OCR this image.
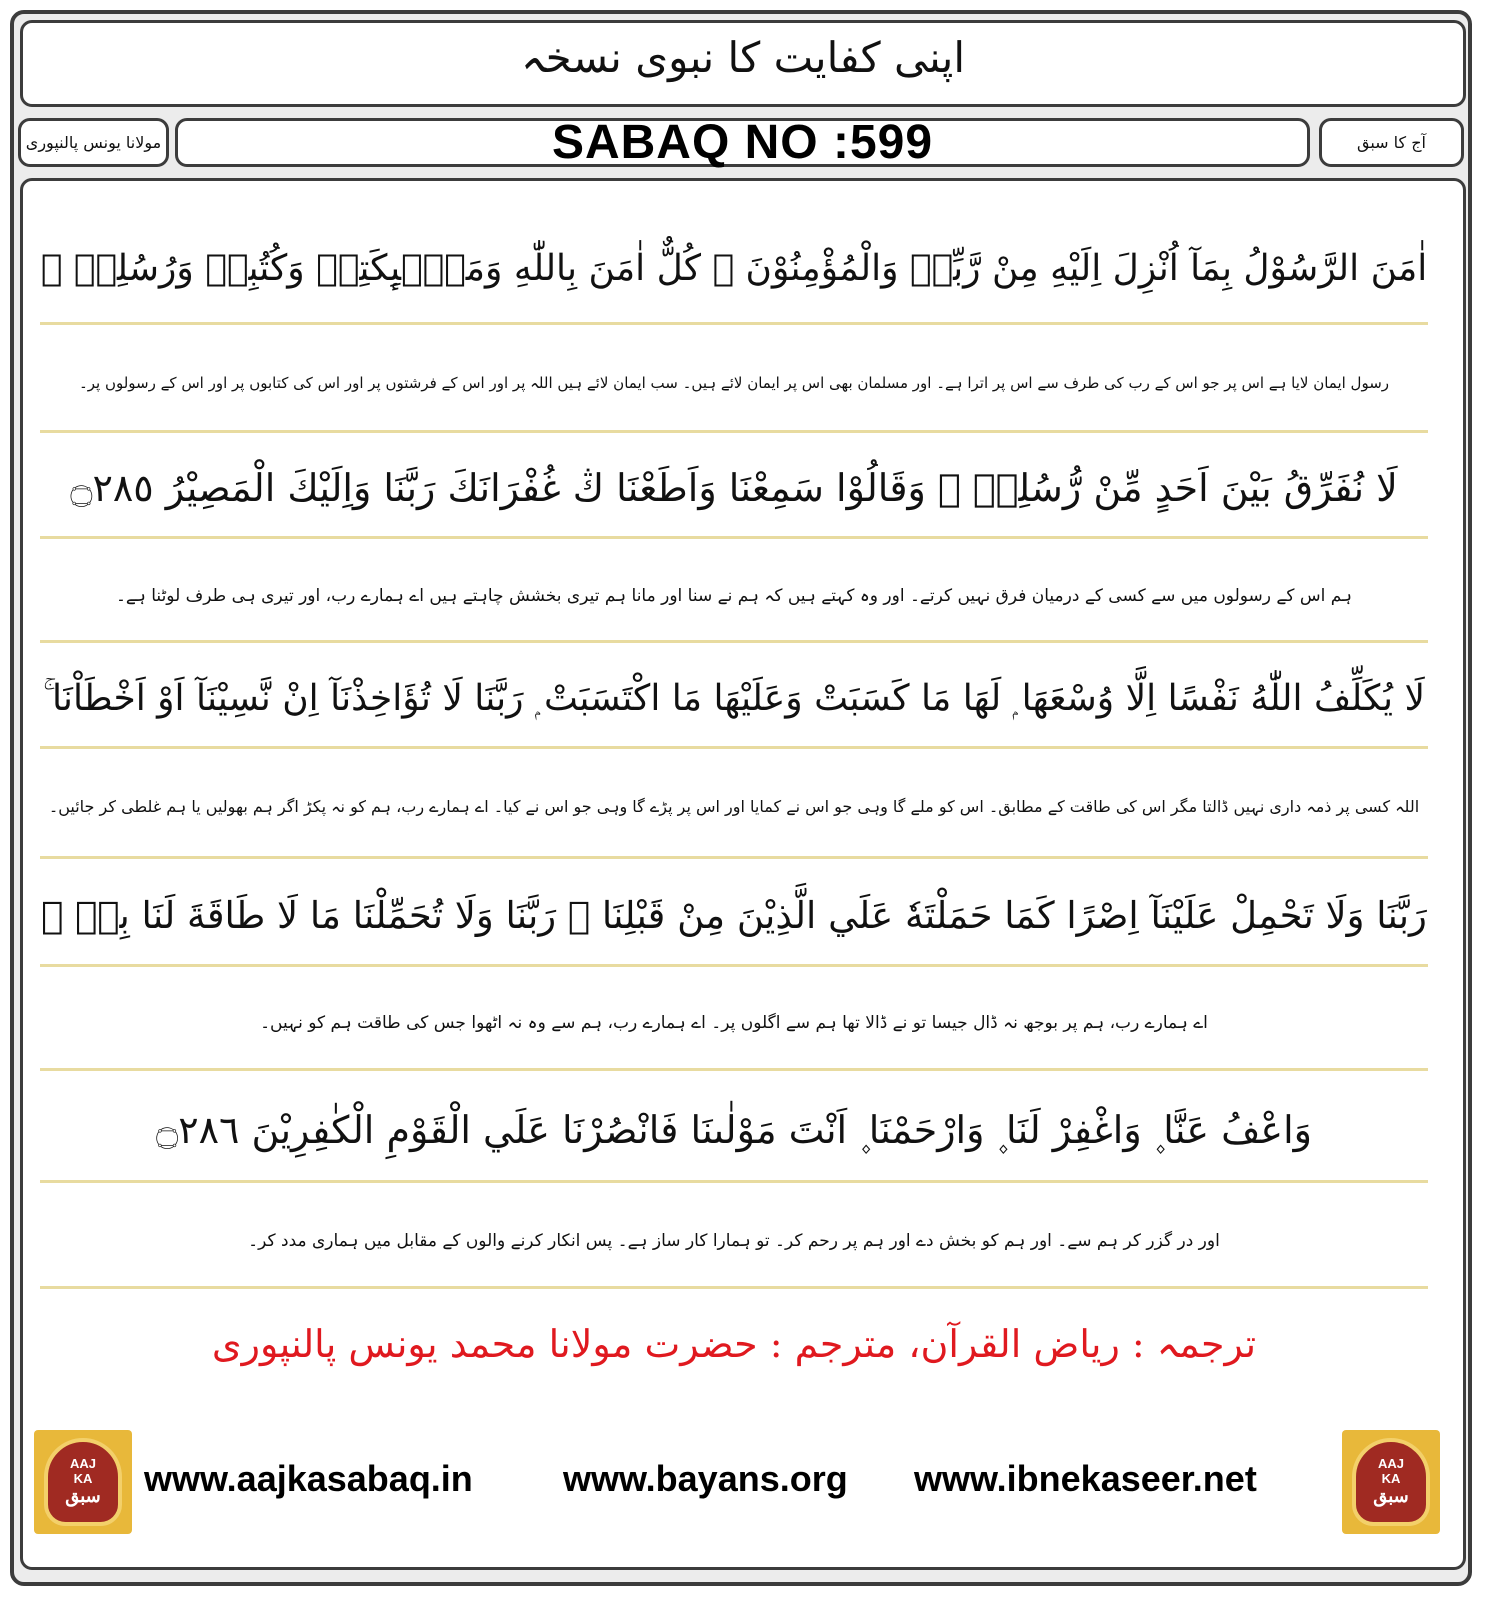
اپنی کفایت کا نبوی نسخہ
مولانا یونس پالنپوری	SABAQ NO :599	آج کا سبق
اٰمَنَ الرَّسُوْلُ بِمَآ اُنْزِلَ اِلَيْهِ مِنْ رَّبِّهٖ وَالْمُؤْمِنُوْنَ ۭ كُلٌّ اٰمَنَ بِاللّٰهِ وَمَلٰۗىِٕكَتِهٖ وَكُتُبِهٖ وَرُسُلِهٖ ۣ
رسول ایمان لایا ہے اس پر جو اس کے رب کی طرف سے اس پر اترا ہے۔ اور مسلمان بھی اس پر ایمان لائے ہیں۔ سب ایمان لائے ہیں اللہ پر اور اس کے فرشتوں پر اور اس کی کتابوں پر اور اس کے رسولوں پر۔
لَا نُفَرِّقُ بَيْنَ اَحَدٍ مِّنْ رُّسُلِهٖ ۣ وَقَالُوْا سَمِعْنَا وَاَطَعْنَا ڭ غُفْرَانَكَ رَبَّنَا وَاِلَيْكَ الْمَصِيْرُ ۝٢٨٥
ہم اس کے رسولوں میں سے کسی کے درمیان فرق نہیں کرتے۔ اور وہ کہتے ہیں کہ ہم نے سنا اور مانا ہم تیری بخشش چاہتے ہیں اے ہمارے رب، اور تیری ہی طرف لوٹنا ہے۔
لَا يُكَلِّفُ اللّٰهُ نَفْسًا اِلَّا وُسْعَهَا ۭ لَهَا مَا كَسَبَتْ وَعَلَيْهَا مَا اكْتَسَبَتْ ۭ رَبَّنَا لَا تُؤَاخِذْنَآ اِنْ نَّسِيْنَآ اَوْ اَخْطَاْنَا ۚ
اللہ کسی پر ذمہ داری نہیں ڈالتا مگر اس کی طاقت کے مطابق۔ اس کو ملے گا وہی جو اس نے کمایا اور اس پر پڑے گا وہی جو اس نے کیا۔ اے ہمارے رب، ہم کو نہ پکڑ اگر ہم بھولیں یا ہم غلطی کر جائیں۔
رَبَّنَا وَلَا تَحْمِلْ عَلَيْنَآ اِصْرًا كَمَا حَمَلْتَهٗ عَلَي الَّذِيْنَ مِنْ قَبْلِنَا ۚ رَبَّنَا وَلَا تُحَمِّلْنَا مَا لَا طَاقَةَ لَنَا بِهٖ ۚ
اے ہمارے رب، ہم پر بوجھ نہ ڈال جیسا تو نے ڈالا تھا ہم سے اگلوں پر۔ اے ہمارے رب، ہم سے وہ نہ اٹھوا جس کی طاقت ہم کو نہیں۔
وَاعْفُ عَنَّا ۪ وَاغْفِرْ لَنَا ۪ وَارْحَمْنَا ۪ اَنْتَ مَوْلٰىنَا فَانْصُرْنَا عَلَي الْقَوْمِ الْكٰفِرِيْنَ ۝٢٨٦
اور در گزر کر ہم سے۔ اور ہم کو بخش دے اور ہم پر رحم کر۔ تو ہمارا کار ساز ہے۔ پس انکار کرنے والوں کے مقابل میں ہماری مدد کر۔
ترجمہ : ریاض القرآن، مترجم : حضرت مولانا محمد یونس پالنپوری
AAJ
KA
سبق	www.aajkasabaq.in	www.bayans.org www.ibnekaseer.net	AAJ
KA
سبق
